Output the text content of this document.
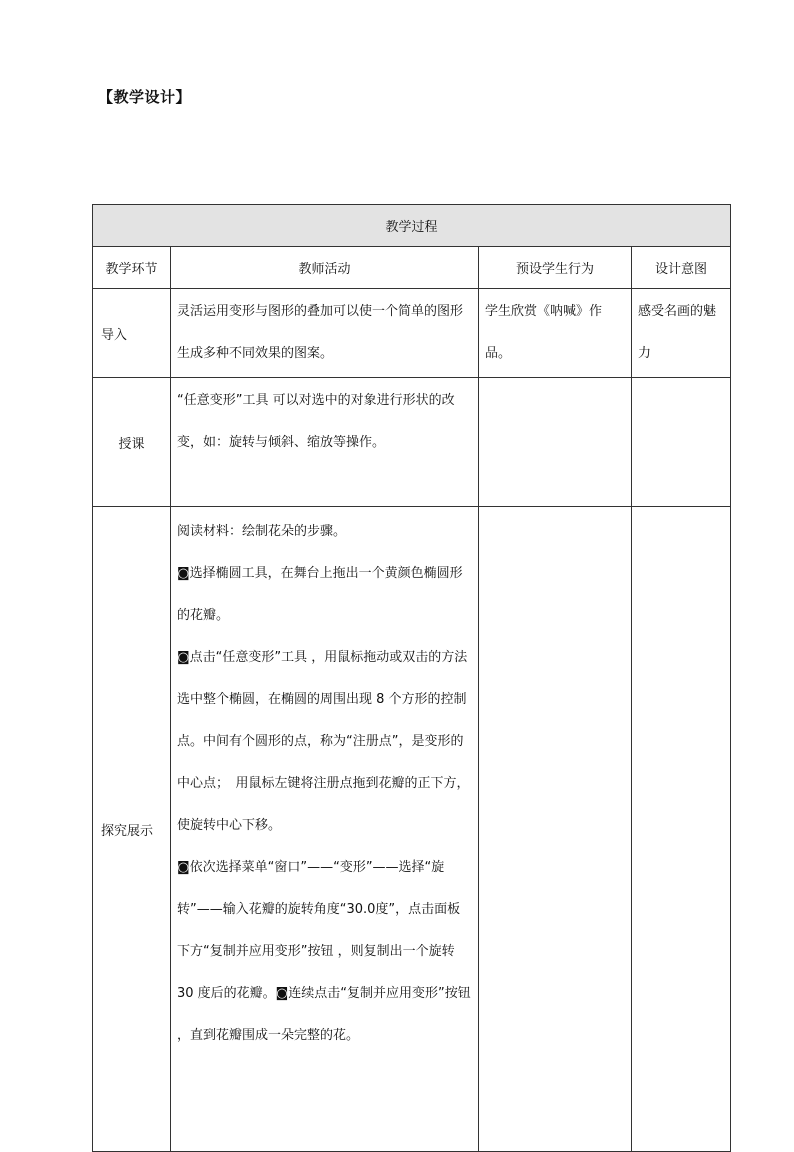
【教学设计】
教学过程			
教学环节	教师活动	预设学生行为	设计意图
导入	灵活运用变形与图形的叠加可以使一个简单的图形生成多种不同效果的图案。	学生欣赏《呐喊》作品。	感受名画的魅力
授课	“任意变形”工具 可以对选中的对象进行形状的改变，如：旋转与倾斜、缩放等操作。		
探究展示	阅读材料：绘制花朵的步骤。
◙选择椭圆工具，在舞台上拖出一个黄颜色椭圆形的花瓣。
◙点击“任意变形”工具 ，用鼠标拖动或双击的方法选中整个椭圆，在椭圆的周围出现 8 个方形的控制点。中间有个圆形的点，称为“注册点”，是变形的中心点；　用鼠标左键将注册点拖到花瓣的正下方，使旋转中心下移。
◙依次选择菜单“窗口”——“变形”——选择“旋转”——输入花瓣的旋转角度“30.0度”，点击面板下方“复制并应用变形”按钮 ，则复制出一个旋转　30 度后的花瓣。◙连续点击“复制并应用变形”按钮 ，直到花瓣围成一朵完整的花。		
